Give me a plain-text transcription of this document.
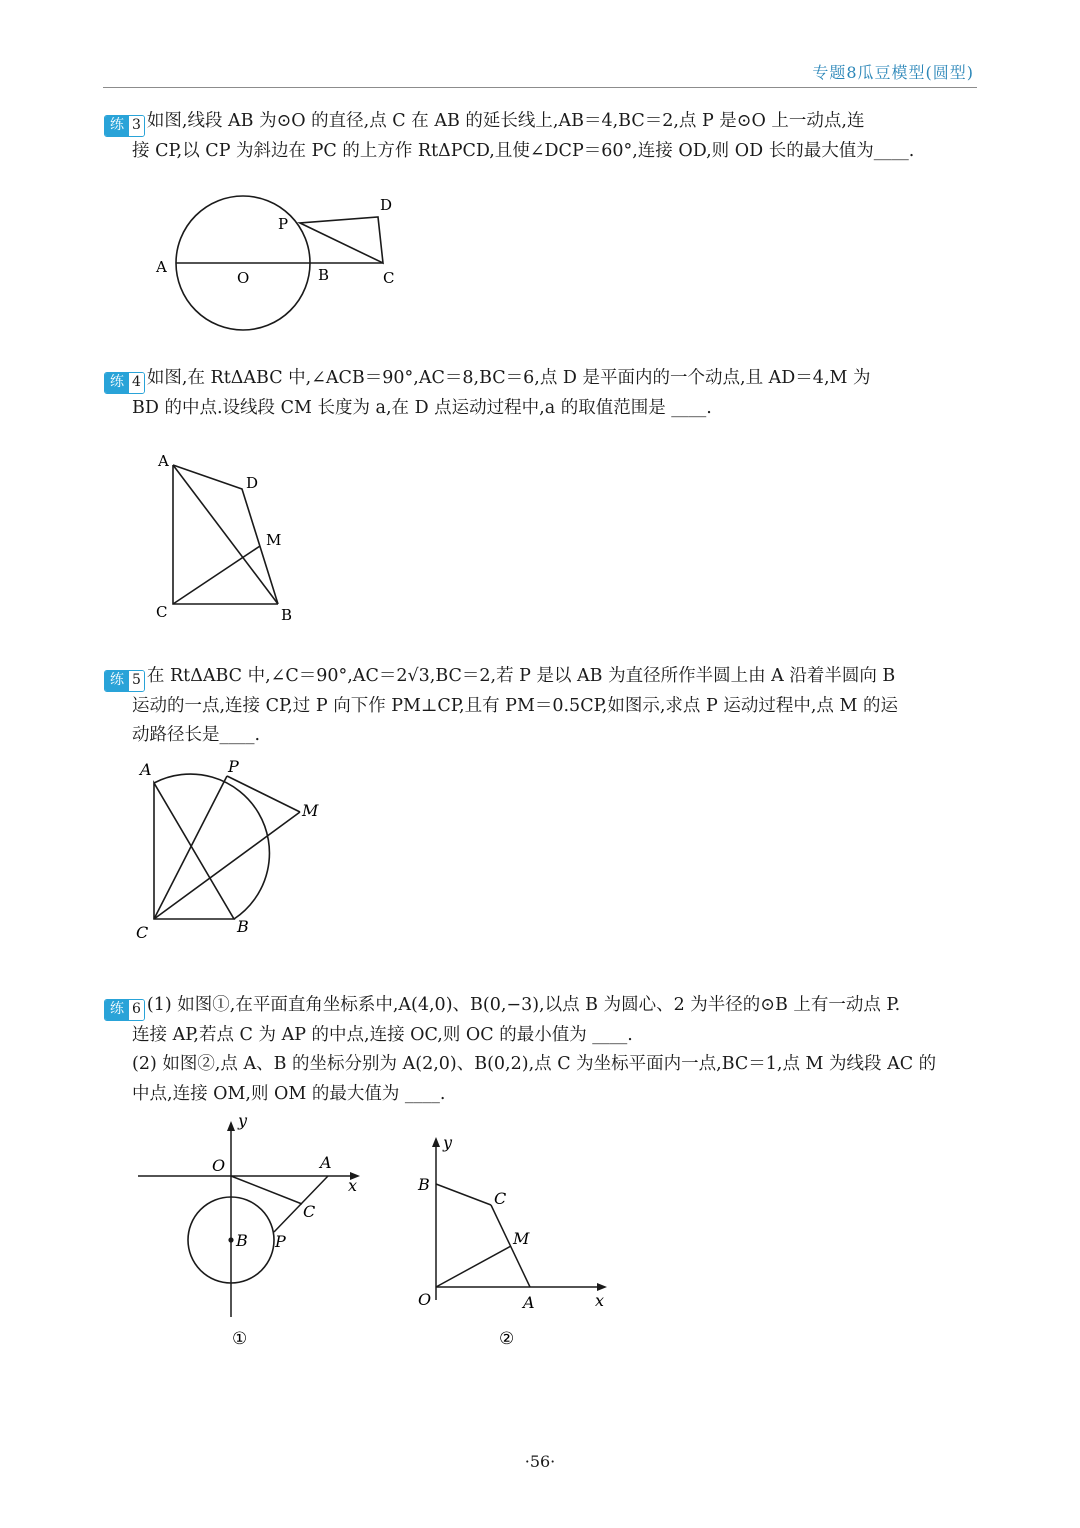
专题8瓜豆模型(圆型)
练 3 如图,线段 AB 为⊙O 的直径,点 C 在 AB 的延长线上,AB＝4,BC＝2,点 P 是⊙O 上一动点,连
接 CP,以 CP 为斜边在 PC 的上方作 RtΔPCD,且使∠DCP＝60°,连接 OD,则 OD 长的最大值为____.
A
O	B	C
P
D
练 4 如图,在 RtΔABC 中,∠ACB＝90°,AC＝8,BC＝6,点 D 是平面内的一个动点,且 AD＝4,M 为
BD 的中点.设线段 CM 长度为 a,在 D 点运动过程中,a 的取值范围是 ____.
A
D
M
C	B
练 5 在 RtΔABC 中,∠C＝90°,AC＝2√3,BC＝2,若 P 是以 AB 为直径所作半圆上由 A 沿着半圆向 B
运动的一点,连接 CP,过 P 向下作 PM⊥CP,且有 PM＝0.5CP,如图示,求点 P 运动过程中,点 M 的运
动路径长是____.
A	P
M
C	B
练 6 (1) 如图①,在平面直角坐标系中,A(4,0)、B(0,−3),以点 B 为圆心、2 为半径的⊙B 上有一动点 P.
连接 AP,若点 C 为 AP 的中点,连接 OC,则 OC 的最小值为 ____.
(2) 如图②,点 A、B 的坐标分别为 A(2,0)、B(0,2),点 C 为坐标平面内一点,BC＝1,点 M 为线段 AC 的
中点,连接 OM,则 OM 的最大值为 ____.
y
O	A
x
C
B P
①
y
B
C
M
O	A	x
②
·56·
